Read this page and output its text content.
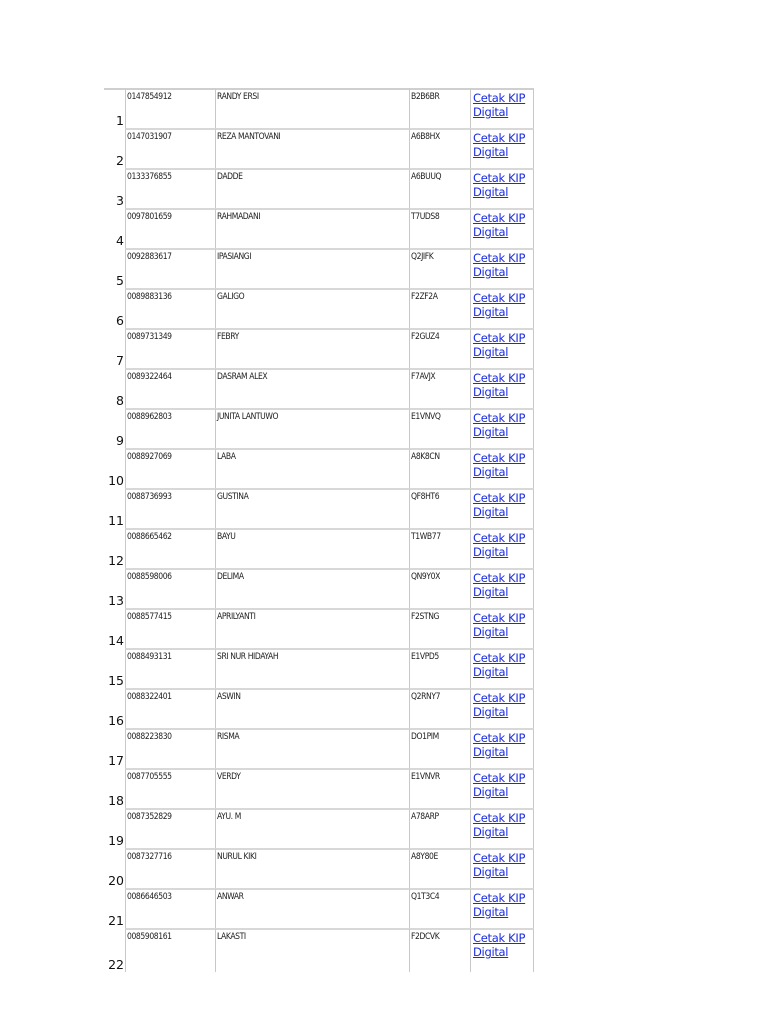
1	0147854912	RANDY ERSI	B2B6BR	Cetak KIP Digital

2	0147031907	REZA MANTOVANI	A6B8HX	Cetak KIP Digital

3	0133376855	DADDE	A6BUUQ	Cetak KIP Digital

4	0097801659	RAHMADANI	T7UDS8	Cetak KIP Digital

5	0092883617	IPASIANGI	Q2JIFK	Cetak KIP Digital

6	0089883136	GALIGO	F2ZF2A	Cetak KIP Digital

7	0089731349	FEBRY	F2GUZ4	Cetak KIP Digital

8	0089322464	DASRAM ALEX	F7AVJX	Cetak KIP Digital

9	0088962803	JUNITA LANTUWO	E1VNVQ	Cetak KIP Digital

10	0088927069	LABA	A8K8CN	Cetak KIP Digital

11	0088736993	GUSTINA	QF8HT6	Cetak KIP Digital

12	0088665462	BAYU	T1WB77	Cetak KIP Digital

13	0088598006	DELIMA	QN9Y0X	Cetak KIP Digital

14	0088577415	APRILYANTI	F2STNG	Cetak KIP Digital

15	0088493131	SRI NUR HIDAYAH	E1VPD5	Cetak KIP Digital

16	0088322401	ASWIN	Q2RNY7	Cetak KIP Digital

17	0088223830	RISMA	DO1PIM	Cetak KIP Digital

18	0087705555	VERDY	E1VNVR	Cetak KIP Digital

19	0087352829	AYU. M	A78ARP	Cetak KIP Digital

20	0087327716	NURUL KIKI	A8Y80E	Cetak KIP Digital

21	0086646503	ANWAR	Q1T3C4	Cetak KIP Digital

22	0085908161	LAKASTI	F2DCVK	Cetak KIP Digital
